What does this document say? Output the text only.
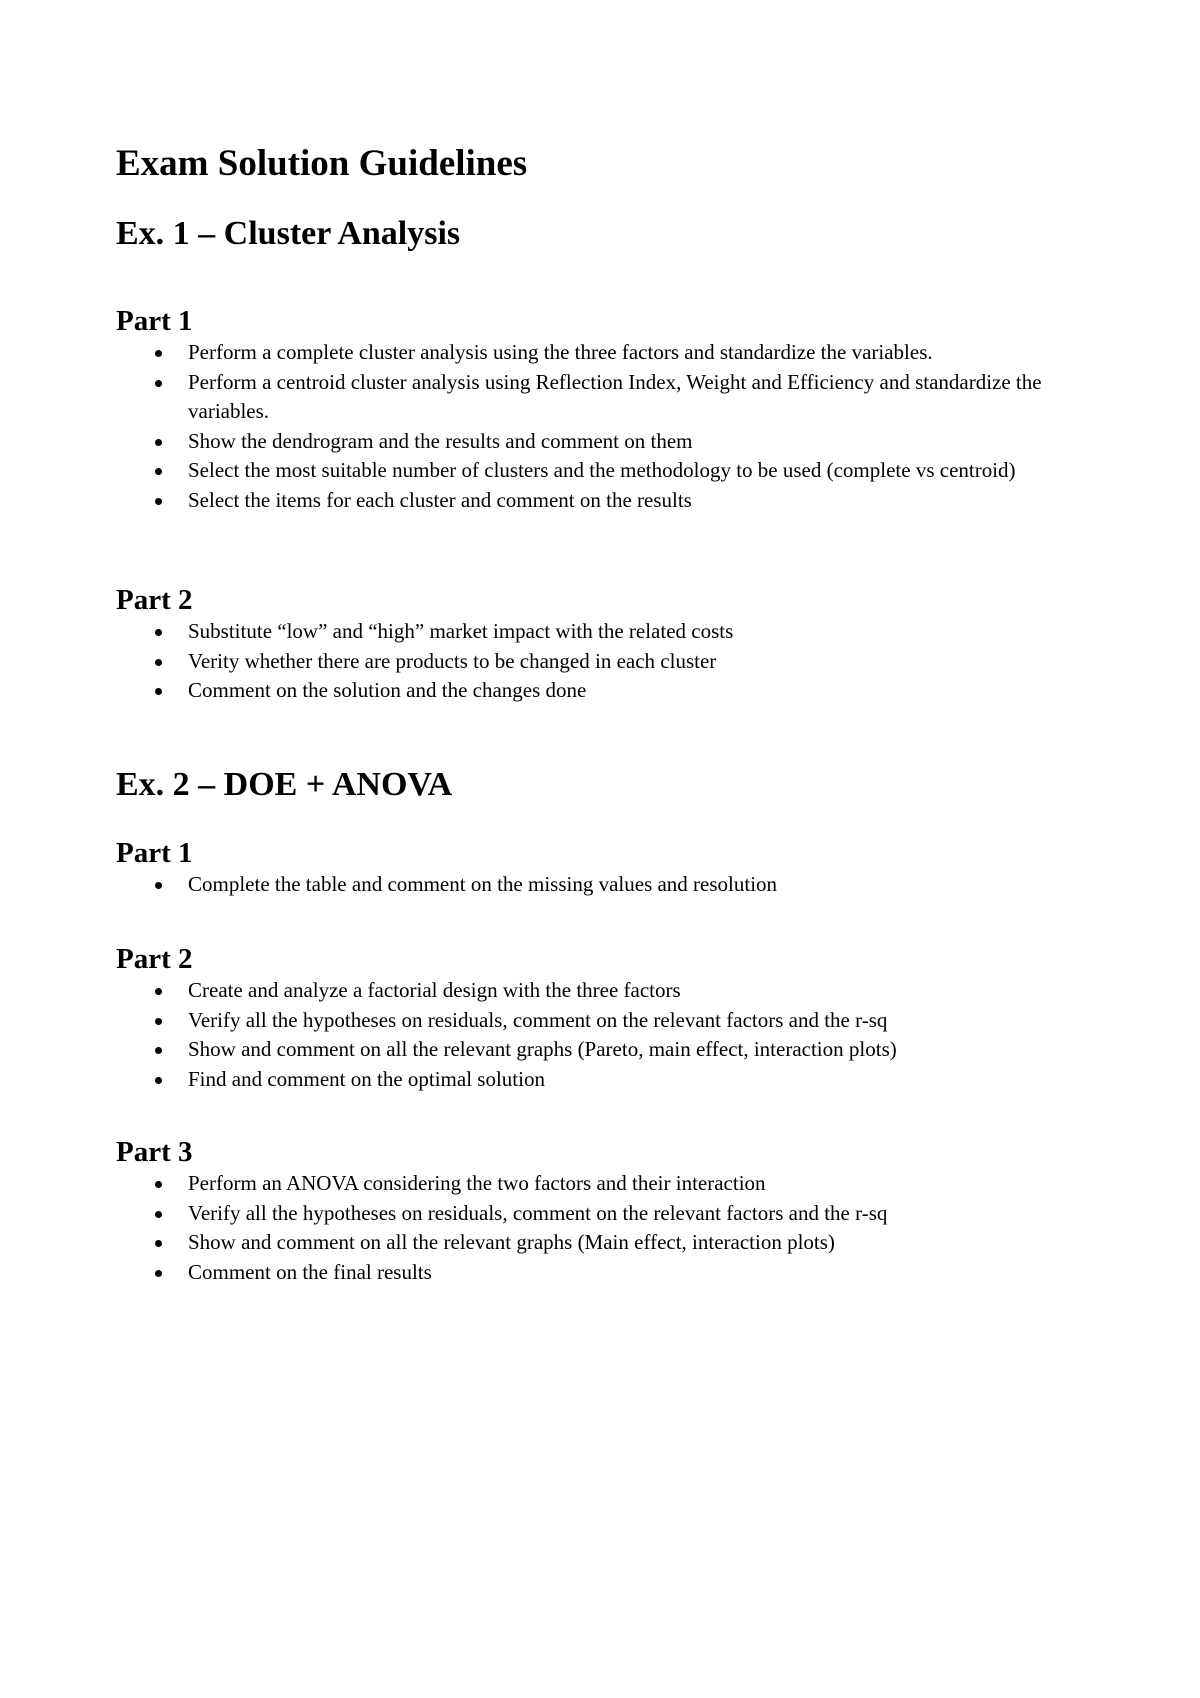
Exam Solution Guidelines
Ex. 1 – Cluster Analysis
Part 1
Perform a complete cluster analysis using the three factors and standardize the variables.
Perform a centroid cluster analysis using Reflection Index, Weight and Efficiency and standardize the variables.
Show the dendrogram and the results and comment on them
Select the most suitable number of clusters and the methodology to be used (complete vs centroid)
Select the items for each cluster and comment on the results
Part 2
Substitute “low” and “high” market impact with the related costs
Verity whether there are products to be changed in each cluster
Comment on the solution and the changes done
Ex. 2 – DOE + ANOVA
Part 1
Complete the table and comment on the missing values and resolution
Part 2
Create and analyze a factorial design with the three factors
Verify all the hypotheses on residuals, comment on the relevant factors and the r-sq
Show and comment on all the relevant graphs (Pareto, main effect, interaction plots)
Find and comment on the optimal solution
Part 3
Perform an ANOVA considering the two factors and their interaction
Verify all the hypotheses on residuals, comment on the relevant factors and the r-sq
Show and comment on all the relevant graphs (Main effect, interaction plots)
Comment on the final results
